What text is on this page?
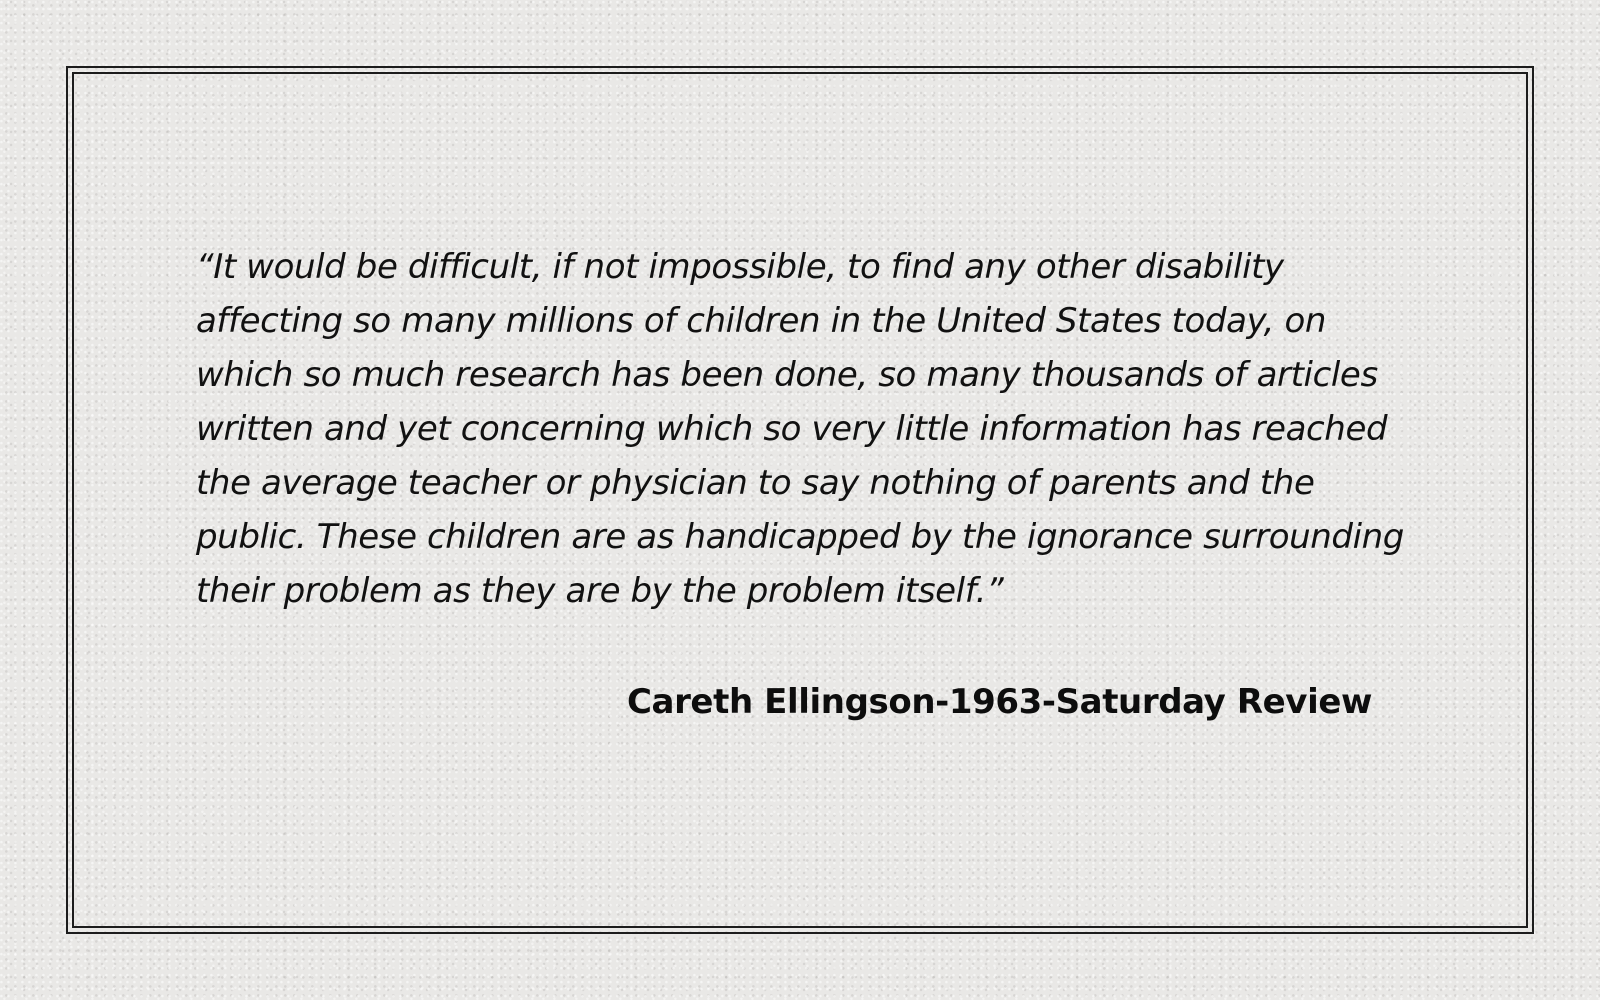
“It would be difficult, if not impossible, to find any other disability affecting so many millions of children in the United States today, on which so much research has been done, so many thousands of articles written and yet concerning which so very little information has reached the average teacher or physician to say nothing of parents and the public. These children are as handicapped by the ignorance surrounding their problem as they are by the problem itself.”

Careth Ellingson-1963-Saturday Review
